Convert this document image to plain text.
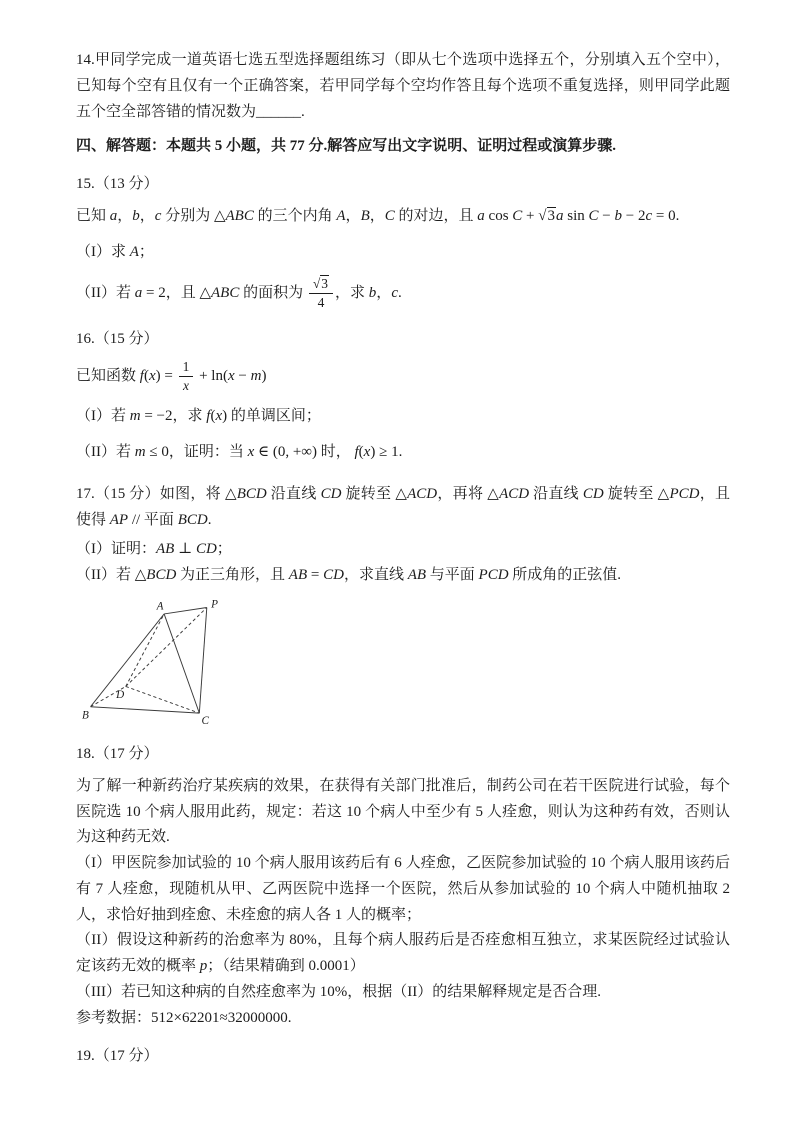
14.甲同学完成一道英语七选五型选择题组练习（即从七个选项中选择五个，分别填入五个空中），已知每个空有且仅有一个正确答案，若甲同学每个空均作答且每个选项不重复选择，则甲同学此题五个空全部答错的情况数为______.

四、解答题：本题共 5 小题，共 77 分.解答应写出文字说明、证明过程或演算步骤.

15.（13 分）

已知 a，b，c 分别为 △ABC 的三个内角 A，B，C 的对边，且 a cos C + √3a sin C − b − 2c = 0.

（I）求 A；

（II）若 a = 2，且 △ABC 的面积为 $\frac{√3}{4}$ ，求 b，c.

16.（15 分）

已知函数 $f(x) = \frac{1}{x} + \ln(x - m)$

（I）若 m = −2，求 f(x) 的单调区间；

（II）若 m ≤ 0，证明：当 x ∈ (0, +∞) 时， f(x) ≥ 1.

17.（15 分）如图，将 △BCD 沿直线 CD 旋转至 △ACD，再将 △ACD 沿直线 CD 旋转至 △PCD，且使得 AP // 平面 BCD.

（I）证明：AB ⊥ CD；

（II）若 △BCD 为正三角形，且 AB = CD，求直线 AB 与平面 PCD 所成角的正弦值.

A	P
B	C
D

18.（17 分）

为了解一种新药治疗某疾病的效果，在获得有关部门批准后，制药公司在若干医院进行试验，每个医院选 10 个病人服用此药，规定：若这 10 个病人中至少有 5 人痊愈，则认为这种药有效，否则认为这种药无效.

（I）甲医院参加试验的 10 个病人服用该药后有 6 人痊愈，乙医院参加试验的 10 个病人服用该药后有 7 人痊愈，现随机从甲、乙两医院中选择一个医院，然后从参加试验的 10 个病人中随机抽取 2 人，求恰好抽到痊愈、未痊愈的病人各 1 人的概率；

（II）假设这种新药的治愈率为 80%，且每个病人服药后是否痊愈相互独立，求某医院经过试验认定该药无效的概率 p；（结果精确到 0.0001）

（III）若已知这种病的自然痊愈率为 10%，根据（II）的结果解释规定是否合理.

参考数据：512×62201≈32000000.

19.（17 分）
